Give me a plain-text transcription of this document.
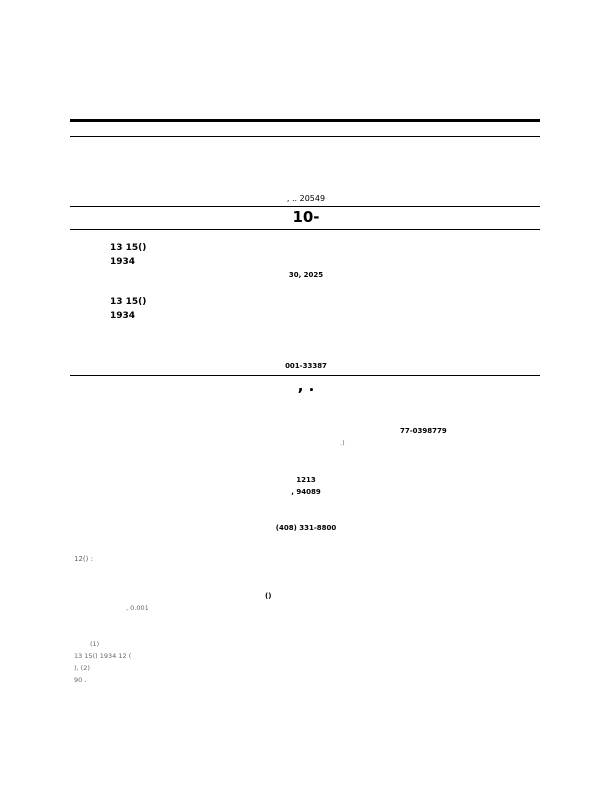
, .. 20549
10-
13 15()
1934
30, 2025
13 15()
1934
001-33387
, .
77-0398779
.)
1213
, 94089
(408) 331-8800
12() :
()
, 0.001
(1)
13 15() 1934 12 (
), (2)
90 .
